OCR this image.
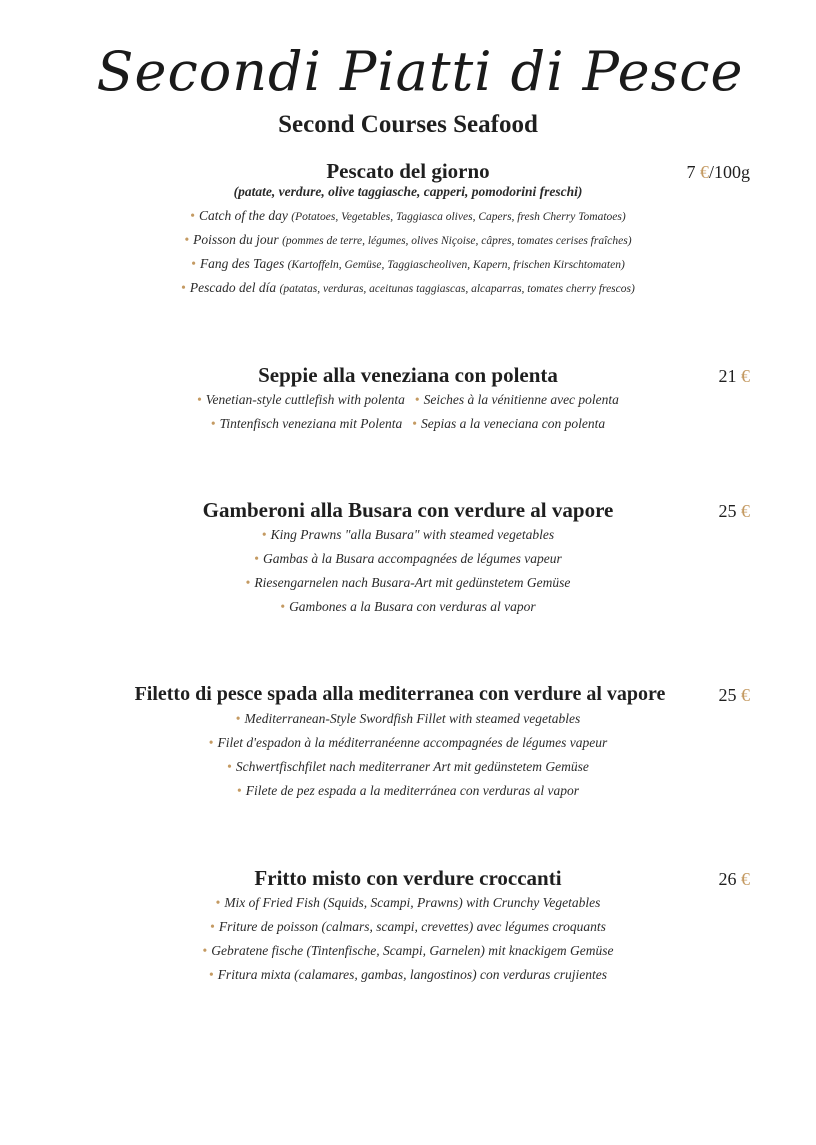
Secondi Piatti di Pesce
Second Courses Seafood
Pescato del giorno	7 €/100g
(patate, verdure, olive taggiasche, capperi, pomodorini freschi)
• Catch of the day (Potatoes, Vegetables, Taggiasca olives, Capers, fresh Cherry Tomatoes)
• Poisson du jour (pommes de terre, légumes, olives Niçoise, câpres, tomates cerises fraîches)
• Fang des Tages (Kartoffeln, Gemüse, Taggiascheoliven, Kapern, frischen Kirschtomaten)
• Pescado del día (patatas, verduras, aceitunas taggiascas, alcaparras, tomates cherry frescos)
Seppie alla veneziana con polenta	21 €
• Venetian-style cuttlefish with polenta • Seiches à la vénitienne avec polenta
• Tintenfisch veneziana mit Polenta • Sepias a la veneciana con polenta
Gamberoni alla Busara con verdure al vapore	25 €
• King Prawns "alla Busara" with steamed vegetables
• Gambas à la Busara accompagnées de légumes vapeur
• Riesengarnelen nach Busara-Art mit gedünstetem Gemüse
• Gambones a la Busara con verduras al vapor
Filetto di pesce spada alla mediterranea con verdure al vapore	25 €
• Mediterranean-Style Swordfish Fillet with steamed vegetables
• Filet d'espadon à la méditerranéenne accompagnées de légumes vapeur
• Schwertfischfilet nach mediterraner Art mit gedünstetem Gemüse
• Filete de pez espada a la mediterránea con verduras al vapor
Fritto misto con verdure croccanti	26 €
• Mix of Fried Fish (Squids, Scampi, Prawns) with Crunchy Vegetables
• Friture de poisson (calmars, scampi, crevettes) avec légumes croquants
• Gebratene fische (Tintenfische, Scampi, Garnelen) mit knackigem Gemüse
• Fritura mixta (calamares, gambas, langostinos) con verduras crujientes
